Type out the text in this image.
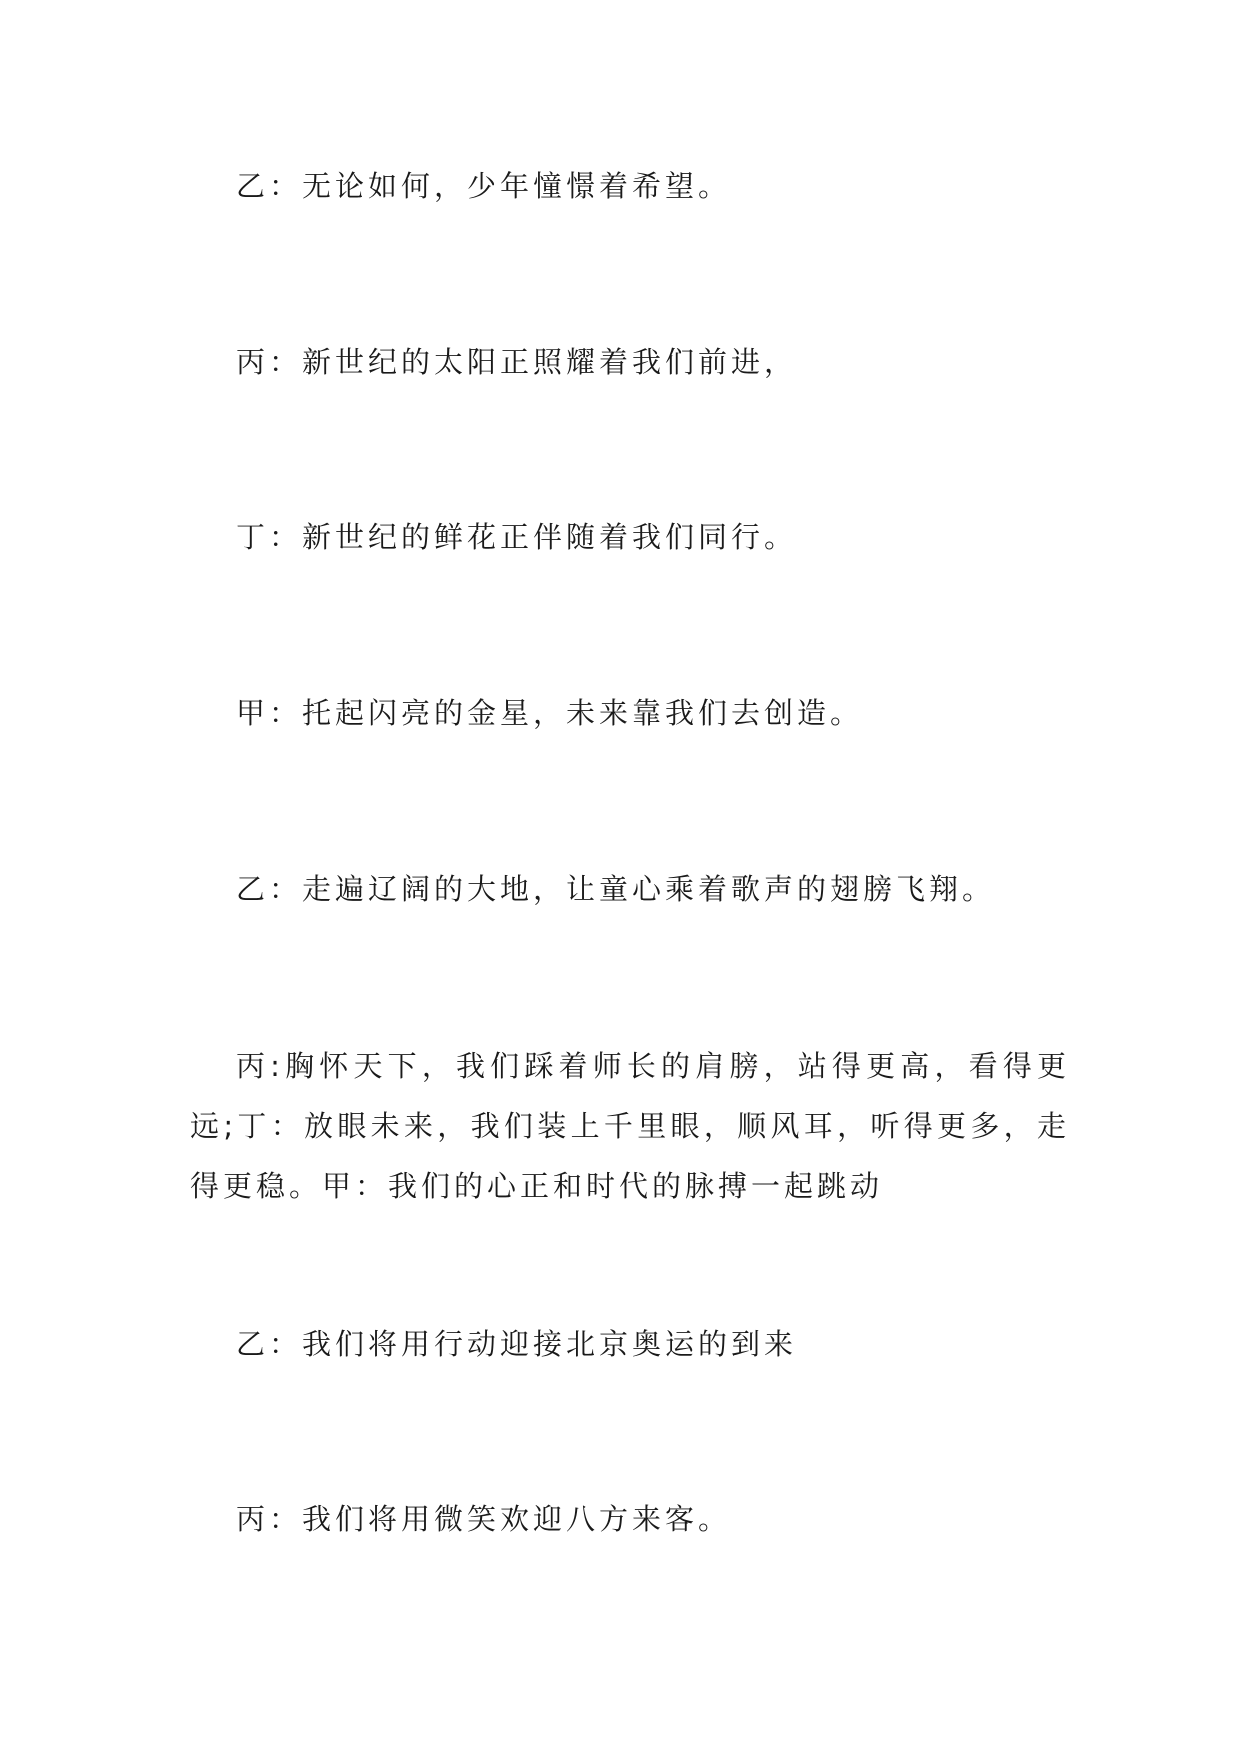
乙：无论如何，少年憧憬着希望。
丙：新世纪的太阳正照耀着我们前进，
丁：新世纪的鲜花正伴随着我们同行。
甲：托起闪亮的金星，未来靠我们去创造。
乙：走遍辽阔的大地，让童心乘着歌声的翅膀飞翔。
丙:胸怀天下，我们踩着师长的肩膀，站得更高，看得更远;丁：放眼未来，我们装上千里眼，顺风耳，听得更多，走得更稳。甲：我们的心正和时代的脉搏一起跳动
乙：我们将用行动迎接北京奥运的到来
丙：我们将用微笑欢迎八方来客。
